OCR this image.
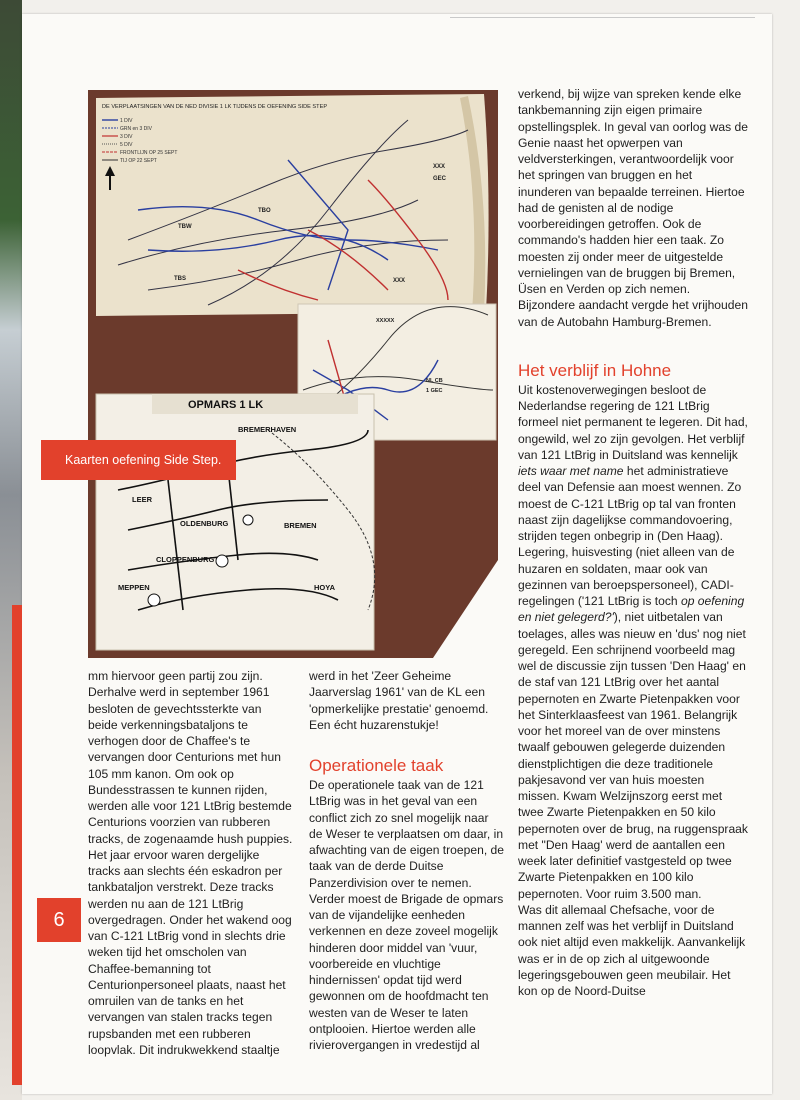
DE VERPLAATSINGEN VAN DE NED DIVISIE 1 LK TIJDENS DE OEFENING SIDE STEP
1 DIV
GRN en 3 DIV
3 DIV
5 DIV
FRONTLIJN OP 25 SEPT
TIJ OP 22 SEPT
TBW
TBO
TBS
XXX
XXX
GEC
XXXXX
NL CB
1 GEC
OPMARS 1 LK
BREMERHAVEN
LEER
OLDENBURG	BREMEN
CLOPPENBURG
MEPPEN	HOYA
Kaarten oefening Side Step.

mm hiervoor geen partij zou zijn. Derhalve werd in september 1961 besloten de gevechtssterkte van beide verkenningsbataljons te verhogen door de Chaffee's te vervangen door Centurions met hun 105 mm kanon. Om ook op Bundesstrassen te kunnen rijden, werden alle voor 121 LtBrig bestemde Centurions voorzien van rubberen tracks, de zogenaamde hush puppies. Het jaar ervoor waren dergelijke tracks aan slechts één eskadron per tankbataljon verstrekt. Deze tracks werden nu aan de 121 LtBrig overgedragen. Onder het wakend oog van C-121 LtBrig vond in slechts drie weken tijd het omscholen van Chaffee-bemanning tot Centurionpersoneel plaats, naast het omruilen van de tanks en het vervangen van stalen tracks tegen rupsbanden met een rubberen loopvlak. Dit indrukwekkend staaltje

werd in het 'Zeer Geheime Jaarverslag 1961' van de KL een 'opmerkelijke prestatie' genoemd. Een écht huzarenstukje!

Operationele taak

De operationele taak van de 121 LtBrig was in het geval van een conflict zich zo snel mogelijk naar de Weser te verplaatsen om daar, in afwachting van de eigen troepen, de taak van de derde Duitse Panzerdivision over te nemen. Verder moest de Brigade de opmars van de vijandelijke eenheden verkennen en deze zoveel mogelijk hinderen door middel van 'vuur, voorbereide en vluchtige hindernissen' opdat tijd werd gewonnen om de hoofdmacht ten westen van de Weser te laten ontplooien. Hiertoe werden alle rivierovergangen in vredestijd al

verkend, bij wijze van spreken kende elke tankbemanning zijn eigen primaire opstellingsplek. In geval van oorlog was de Genie naast het opwerpen van veldversterkingen, verantwoordelijk voor het springen van bruggen en het inunderen van bepaalde terreinen. Hiertoe had de genisten al de nodige voorbereidingen getroffen. Ook de commando's hadden hier een taak. Zo moesten zij onder meer de uitgestelde vernielingen van de bruggen bij Bremen, Üsen en Verden op zich nemen. Bijzondere aandacht vergde het vrijhouden van de Autobahn Hamburg-Bremen.

Het verblijf in Hohne

Uit kostenoverwegingen besloot de Nederlandse regering de 121 LtBrig formeel niet permanent te legeren. Dit had, ongewild, wel zo zijn gevolgen. Het verblijf van 121 LtBrig in Duitsland was kennelijk iets waar met name het administratieve deel van Defensie aan moest wennen. Zo moest de C-121 LtBrig op tal van fronten naast zijn dagelijkse commandovoering, strijden tegen onbegrip in (Den Haag). Legering, huisvesting (niet alleen van de huzaren en soldaten, maar ook van gezinnen van beroepspersoneel), CADI-regelingen ('121 LtBrig is toch op oefening en niet gelegerd?'), niet uitbetalen van toelages, alles was nieuw en 'dus' nog niet geregeld. Een schrijnend voorbeeld mag wel de discussie zijn tussen 'Den Haag' en de staf van 121 LtBrig over het aantal pepernoten en Zwarte Pietenpakken voor het Sinterklaasfeest van 1961. Belangrijk voor het moreel van de over minstens twaalf gebouwen gelegerde duizenden dienstplichtigen die deze traditionele pakjesavond ver van huis moesten missen. Kwam Welzijnszorg eerst met twee Zwarte Pietenpakken en 50 kilo pepernoten over de brug, na ruggenspraak met "Den Haag' werd de aantallen een week later definitief vastgesteld op twee Zwarte Pietenpakken en 100 kilo pepernoten. Voor ruim 3.500 man.

Was dit allemaal Chefsache, voor de mannen zelf was het verblijf in Duitsland ook niet altijd even makkelijk. Aanvankelijk was er in de op zich al uitgewoonde legeringsgebouwen geen meubilair. Het kon op de Noord-Duitse

6
